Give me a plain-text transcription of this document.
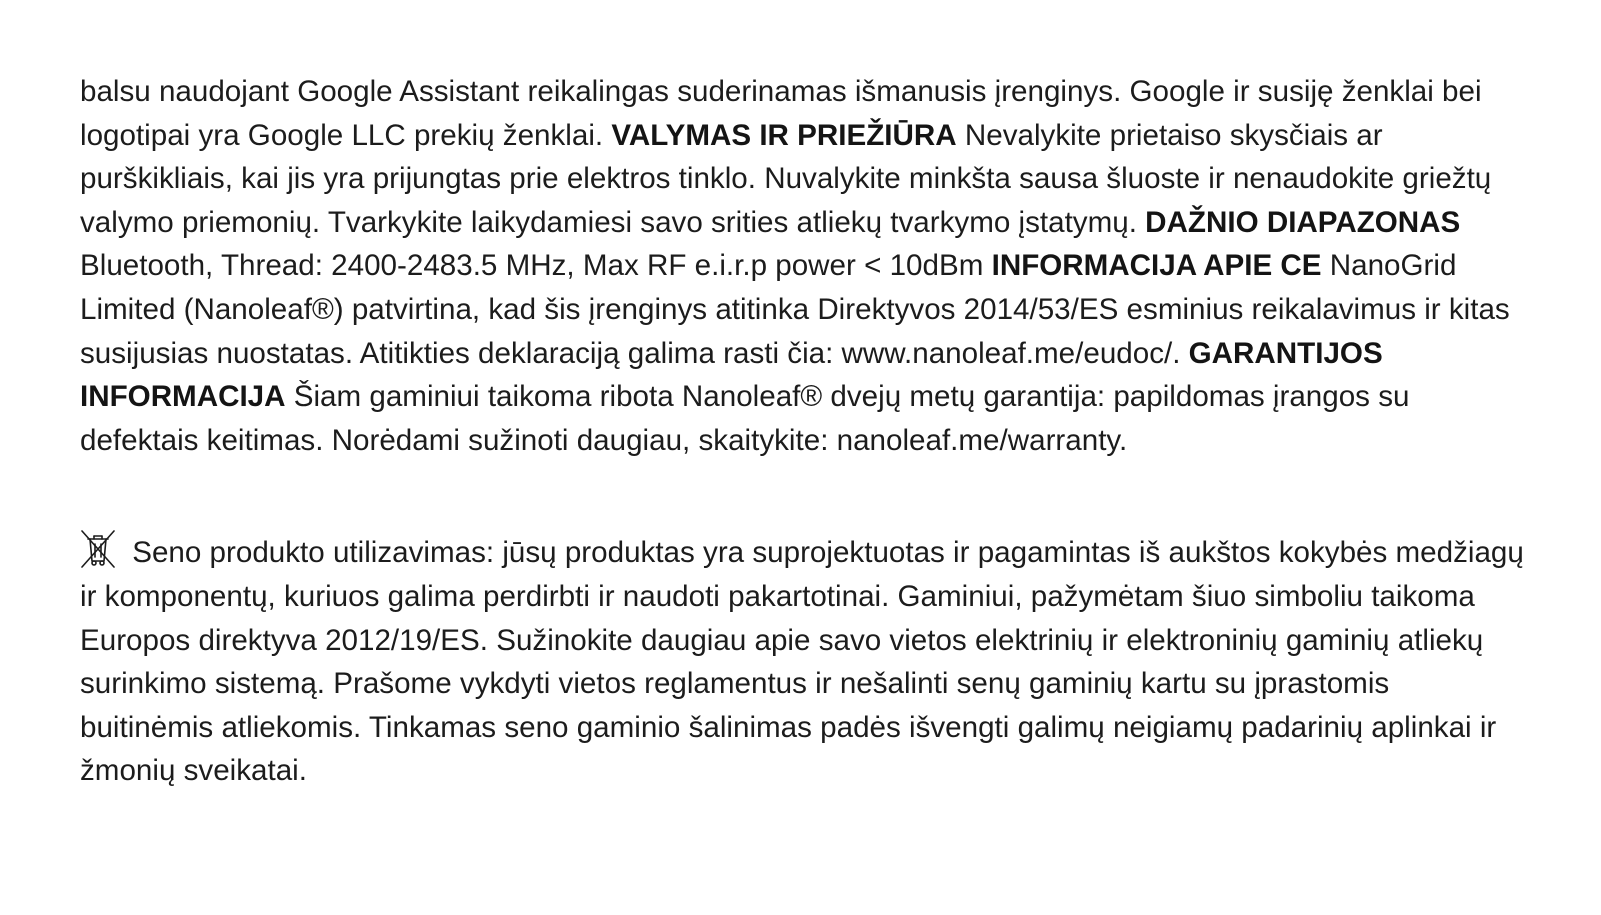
balsu naudojant Google Assistant reikalingas suderinamas išmanusis įrenginys. Google ir susiję ženklai bei logotipai yra Google LLC prekių ženklai. VALYMAS IR PRIEŽIŪRA Nevalykite prietaiso skysčiais ar purškikliais, kai jis yra prijungtas prie elektros tinklo. Nuvalykite minkšta sausa šluoste ir nenaudokite griežtų valymo priemonių. Tvarkykite laikydamiesi savo srities atliekų tvarkymo įstatymų. DAŽNIO DIAPAZONAS Bluetooth, Thread: 2400-2483.5 MHz, Max RF e.i.r.p power < 10dBm INFORMACIJA APIE CE NanoGrid Limited (Nanoleaf®) patvirtina, kad šis įrenginys atitinka Direktyvos 2014/53/ES esminius reikalavimus ir kitas susijusias nuostatas. Atitikties deklaraciją galima rasti čia: www.nanoleaf.me/eudoc/. GARANTIJOS INFORMACIJA Šiam gaminiui taikoma ribota Nanoleaf® dvejų metų garantija: papildomas įrangos su defektais keitimas. Norėdami sužinoti daugiau, skaitykite: nanoleaf.me/warranty.

Seno produkto utilizavimas: jūsų produktas yra suprojektuotas ir pagamintas iš aukštos kokybės medžiagų ir komponentų, kuriuos galima perdirbti ir naudoti pakartotinai. Gaminiui, pažymėtam šiuo simboliu taikoma Europos direktyva 2012/19/ES. Sužinokite daugiau apie savo vietos elektrinių ir elektroninių gaminių atliekų surinkimo sistemą. Prašome vykdyti vietos reglamentus ir nešalinti senų gaminių kartu su įprastomis buitinėmis atliekomis. Tinkamas seno gaminio šalinimas padės išvengti galimų neigiamų padarinių aplinkai ir žmonių sveikatai.
